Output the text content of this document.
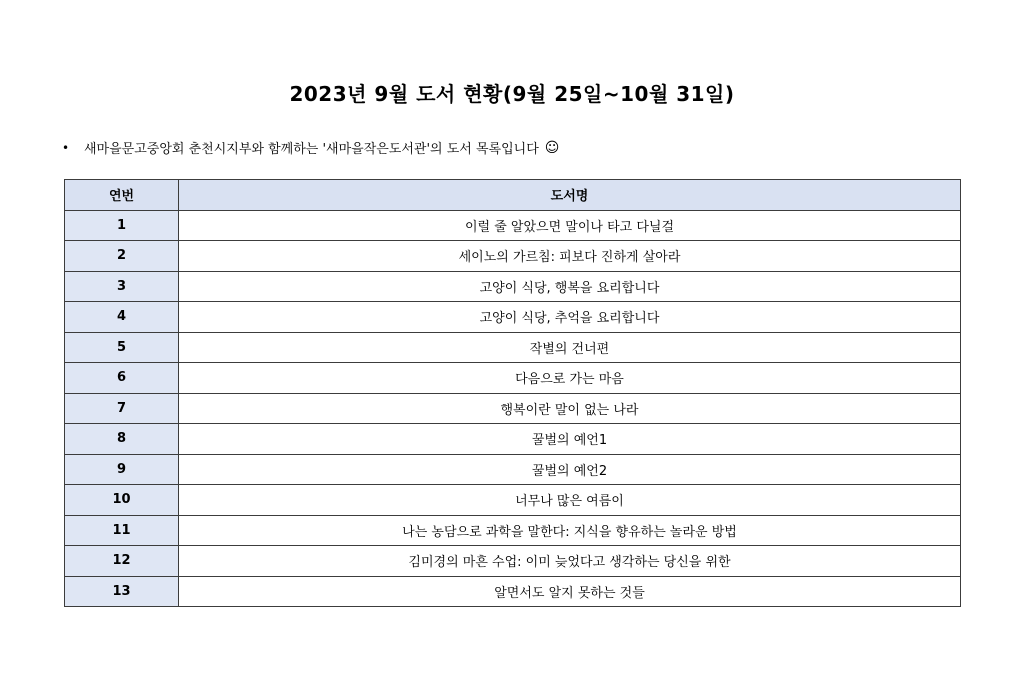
2023년 9월 도서 현황(9월 25일~10월 31일)
•	새마을문고중앙회 춘천시지부와 함께하는 '새마을작은도서관'의 도서 목록입니다 ☺
연번	도서명
1	이럴 줄 알았으면 말이나 타고 다닐걸
2	세이노의 가르침: 피보다 진하게 살아라
3	고양이 식당, 행복을 요리합니다
4	고양이 식당, 추억을 요리합니다
5	작별의 건너편
6	다음으로 가는 마음
7	행복이란 말이 없는 나라
8	꿀벌의 예언1
9	꿀벌의 예언2
10	너무나 많은 여름이
11	나는 농담으로 과학을 말한다: 지식을 향유하는 놀라운 방법
12	김미경의 마흔 수업: 이미 늦었다고 생각하는 당신을 위한
13	알면서도 알지 못하는 것들
